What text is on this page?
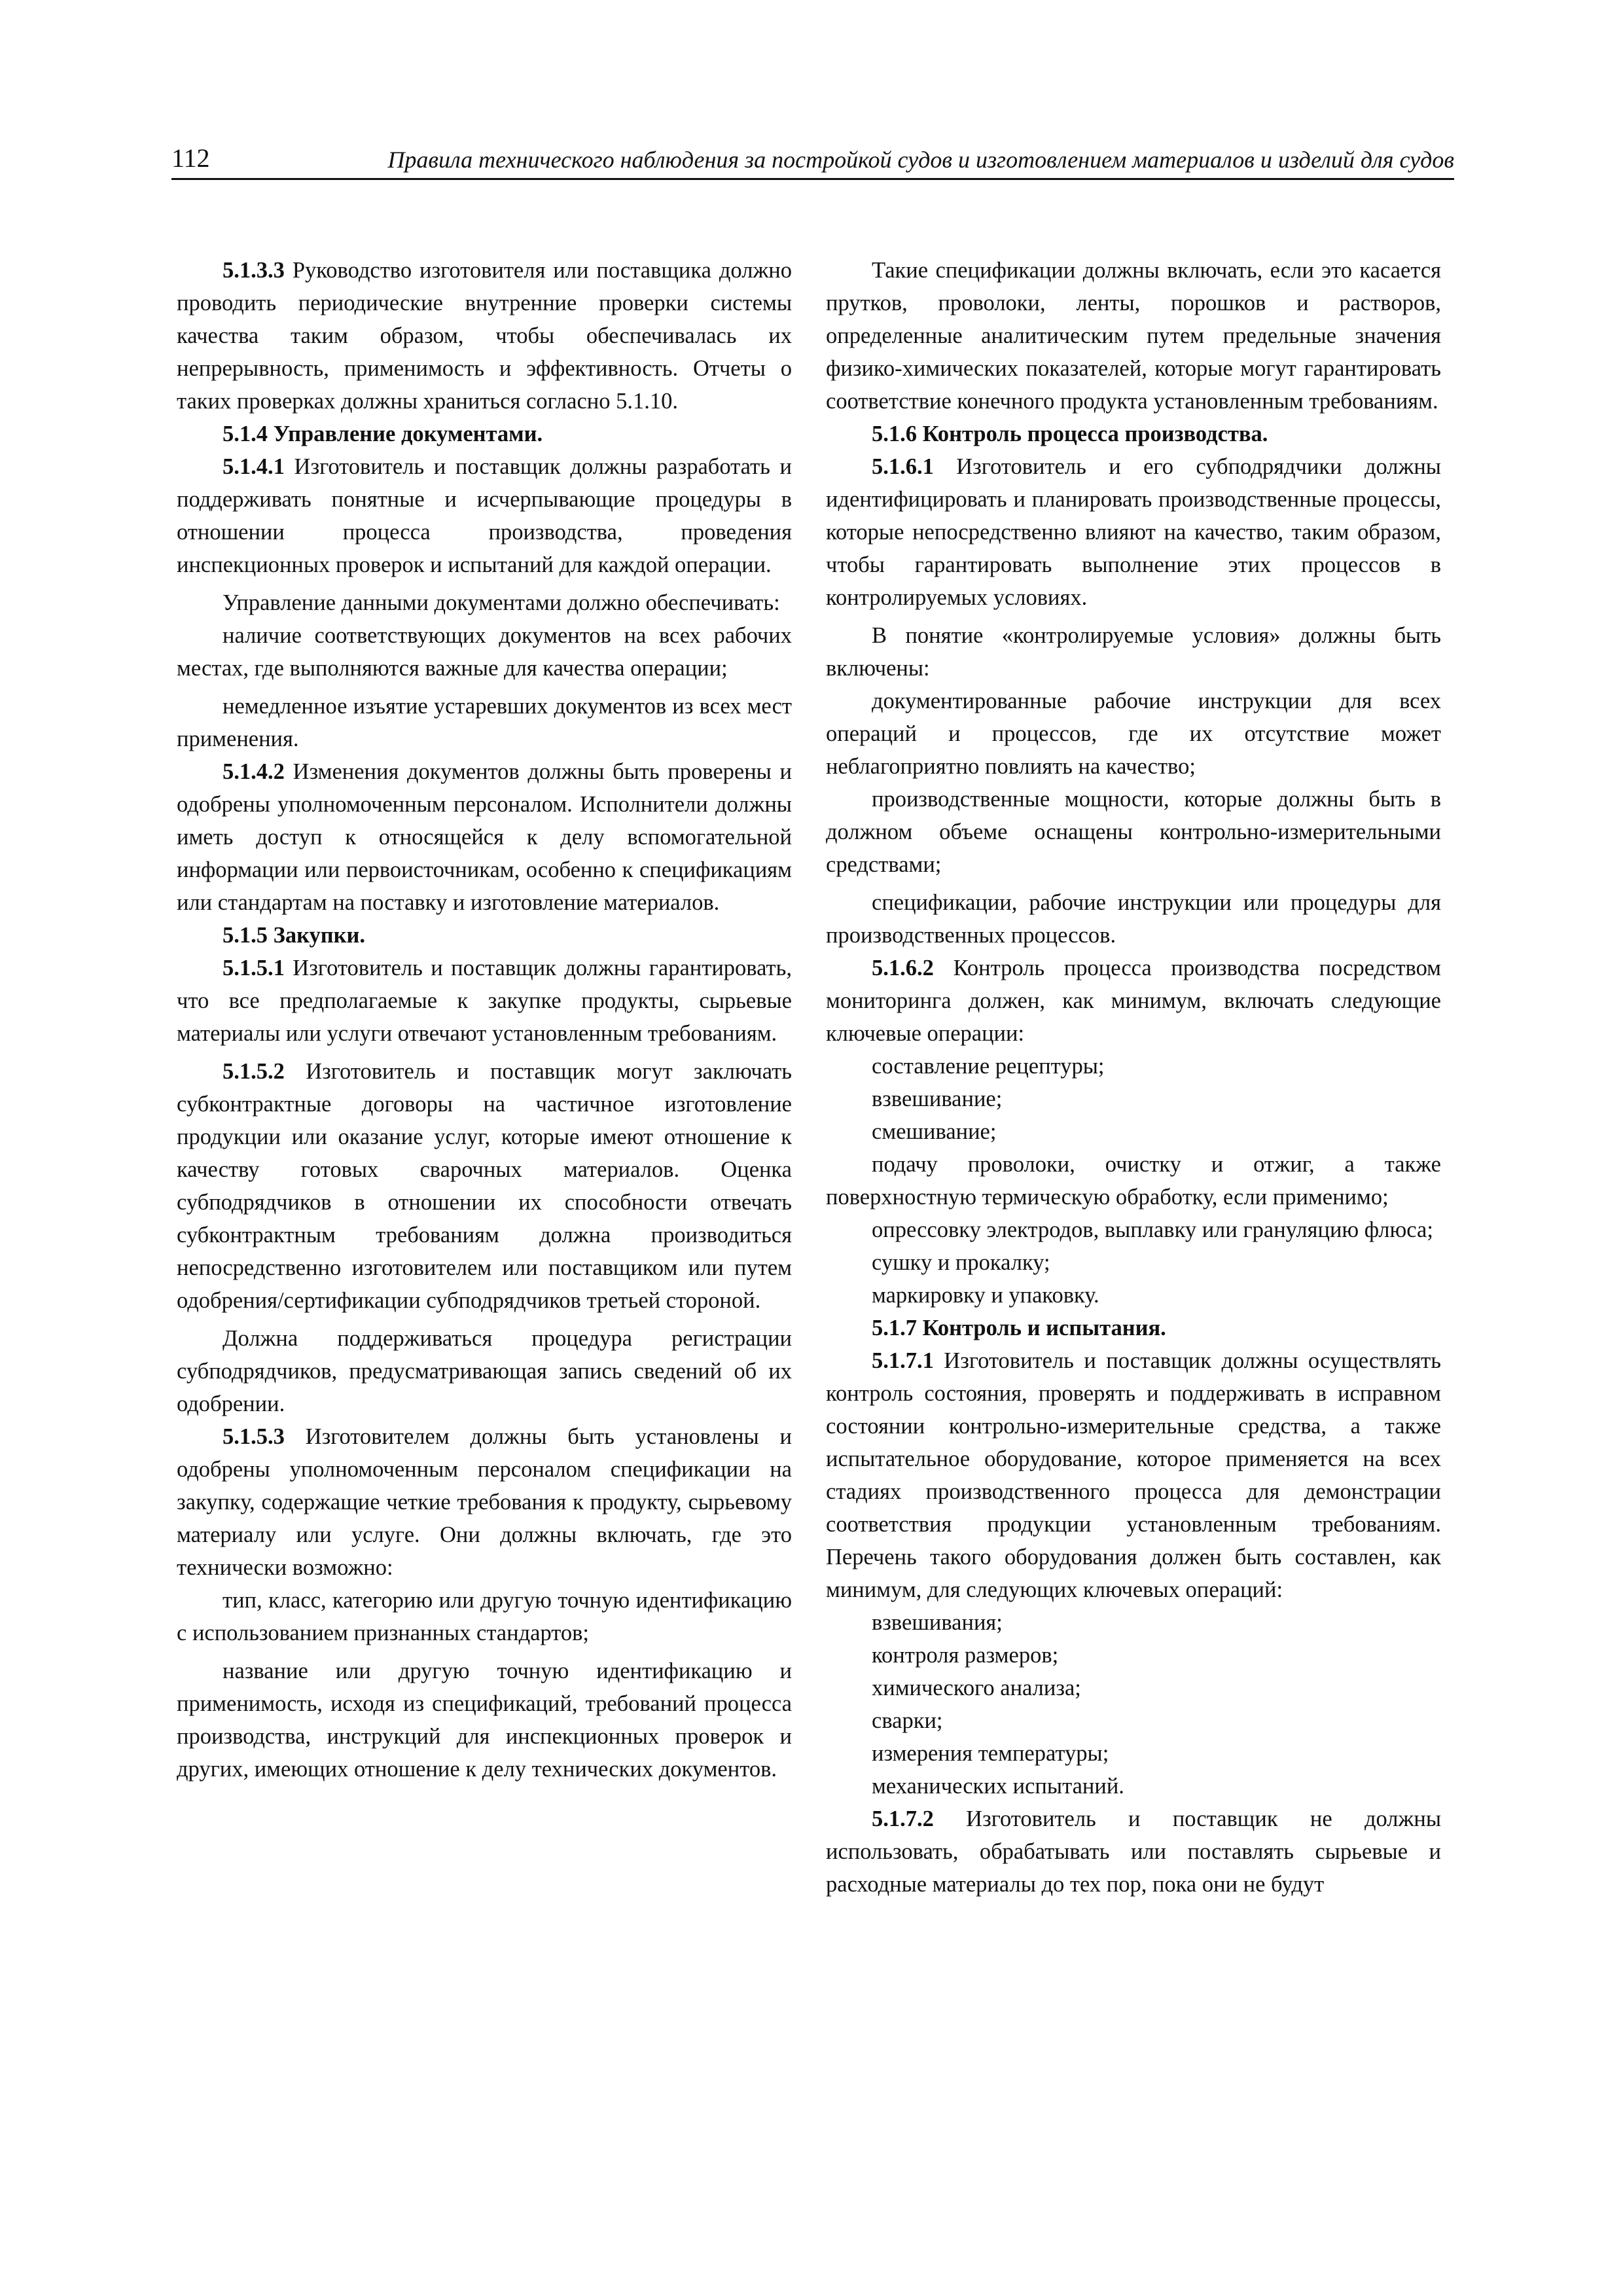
112	Правила технического наблюдения за постройкой судов и изготовлением материалов и изделий для судов

5.1.3.3 Руководство изготовителя или поставщика должно проводить периодические внутренние проверки системы качества таким образом, чтобы обеспечивалась их непрерывность, применимость и эффективность. Отчеты о таких проверках должны храниться согласно 5.1.10.

5.1.4 Управление документами.

5.1.4.1 Изготовитель и поставщик должны разработать и поддерживать понятные и исчерпывающие процедуры в отношении процесса производства, проведения инспекционных проверок и испытаний для каждой операции.

Управление данными документами должно обеспечивать:

наличие соответствующих документов на всех рабочих местах, где выполняются важные для качества операции;

немедленное изъятие устаревших документов из всех мест применения.

5.1.4.2 Изменения документов должны быть проверены и одобрены уполномоченным персоналом. Исполнители должны иметь доступ к относящейся к делу вспомогательной информации или первоисточникам, особенно к спецификациям или стандартам на поставку и изготовление материалов.

5.1.5 Закупки.

5.1.5.1 Изготовитель и поставщик должны гарантировать, что все предполагаемые к закупке продукты, сырьевые материалы или услуги отвечают установленным требованиям.

5.1.5.2 Изготовитель и поставщик могут заключать субконтрактные договоры на частичное изготовление продукции или оказание услуг, которые имеют отношение к качеству готовых сварочных материалов. Оценка субподрядчиков в отношении их способности отвечать субконтрактным требованиям должна производиться непосредственно изготовителем или поставщиком или путем одобрения/сертификации субподрядчиков третьей стороной.

Должна поддерживаться процедура регистрации субподрядчиков, предусматривающая запись сведений об их одобрении.

5.1.5.3 Изготовителем должны быть установлены и одобрены уполномоченным персоналом спецификации на закупку, содержащие четкие требования к продукту, сырьевому материалу или услуге. Они должны включать, где это технически возможно:

тип, класс, категорию или другую точную идентификацию с использованием признанных стандартов;

название или другую точную идентификацию и применимость, исходя из спецификаций, требований процесса производства, инструкций для инспекционных проверок и других, имеющих отношение к делу технических документов.

Такие спецификации должны включать, если это касается прутков, проволоки, ленты, порошков и растворов, определенные аналитическим путем предельные значения физико-химических показателей, которые могут гарантировать соответствие конечного продукта установленным требованиям.

5.1.6 Контроль процесса производства.

5.1.6.1 Изготовитель и его субподрядчики должны идентифицировать и планировать производственные процессы, которые непосредственно влияют на качество, таким образом, чтобы гарантировать выполнение этих процессов в контролируемых условиях.

В понятие «контролируемые условия» должны быть включены:

документированные рабочие инструкции для всех операций и процессов, где их отсутствие может неблагоприятно повлиять на качество;

производственные мощности, которые должны быть в должном объеме оснащены контрольно-измерительными средствами;

спецификации, рабочие инструкции или процедуры для производственных процессов.

5.1.6.2 Контроль процесса производства посредством мониторинга должен, как минимум, включать следующие ключевые операции:

составление рецептуры;

взвешивание;

смешивание;

подачу проволоки, очистку и отжиг, а также поверхностную термическую обработку, если применимо;

опрессовку электродов, выплавку или грануляцию флюса;

сушку и прокалку;

маркировку и упаковку.

5.1.7 Контроль и испытания.

5.1.7.1 Изготовитель и поставщик должны осуществлять контроль состояния, проверять и поддерживать в исправном состоянии контрольно-измерительные средства, а также испытательное оборудование, которое применяется на всех стадиях производственного процесса для демонстрации соответствия продукции установленным требованиям. Перечень такого оборудования должен быть составлен, как минимум, для следующих ключевых операций:

взвешивания;

контроля размеров;

химического анализа;

сварки;

измерения температуры;

механических испытаний.

5.1.7.2 Изготовитель и поставщик не должны использовать, обрабатывать или поставлять сырьевые и расходные материалы до тех пор, пока они не будут
